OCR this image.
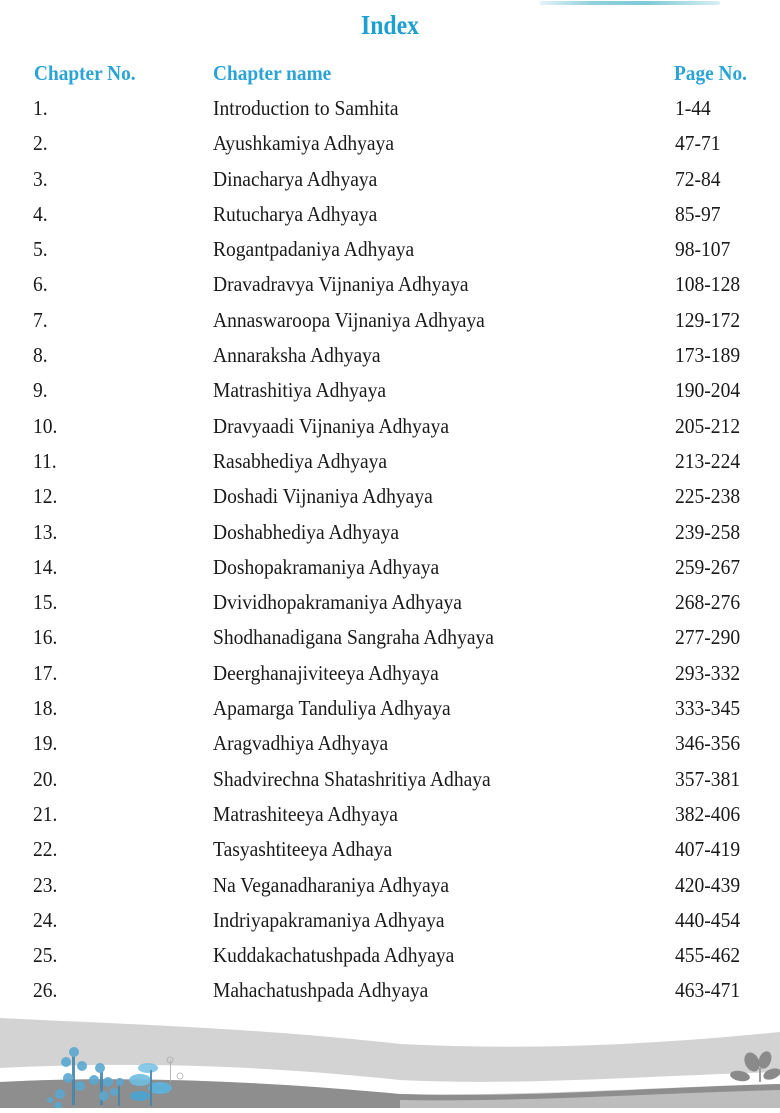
Index
Chapter No.	Chapter name	Page No.
1.	Introduction to Samhita	1-44
2.	Ayushkamiya Adhyaya	47-71
3.	Dinacharya Adhyaya	72-84
4.	Rutucharya Adhyaya	85-97
5.	Rogantpadaniya Adhyaya	98-107
6.	Dravadravya Vijnaniya Adhyaya	108-128
7.	Annaswaroopa Vijnaniya Adhyaya	129-172
8.	Annaraksha Adhyaya	173-189
9.	Matrashitiya Adhyaya	190-204
10.	Dravyaadi Vijnaniya Adhyaya	205-212
11.	Rasabhediya Adhyaya	213-224
12.	Doshadi Vijnaniya Adhyaya	225-238
13.	Doshabhediya Adhyaya	239-258
14.	Doshopakramaniya Adhyaya	259-267
15.	Dvividhopakramaniya Adhyaya	268-276
16.	Shodhanadigana Sangraha Adhyaya	277-290
17.	Deerghanajiviteeya Adhyaya	293-332
18.	Apamarga Tanduliya Adhyaya	333-345
19.	Aragvadhiya Adhyaya	346-356
20.	Shadvirechna Shatashritiya Adhaya	357-381
21.	Matrashiteeya Adhyaya	382-406
22.	Tasyashtiteeya Adhaya	407-419
23.	Na Veganadharaniya Adhyaya	420-439
24.	Indriyapakramaniya Adhyaya	440-454
25.	Kuddakachatushpada Adhyaya	455-462
26.	Mahachatushpada Adhyaya	463-471
